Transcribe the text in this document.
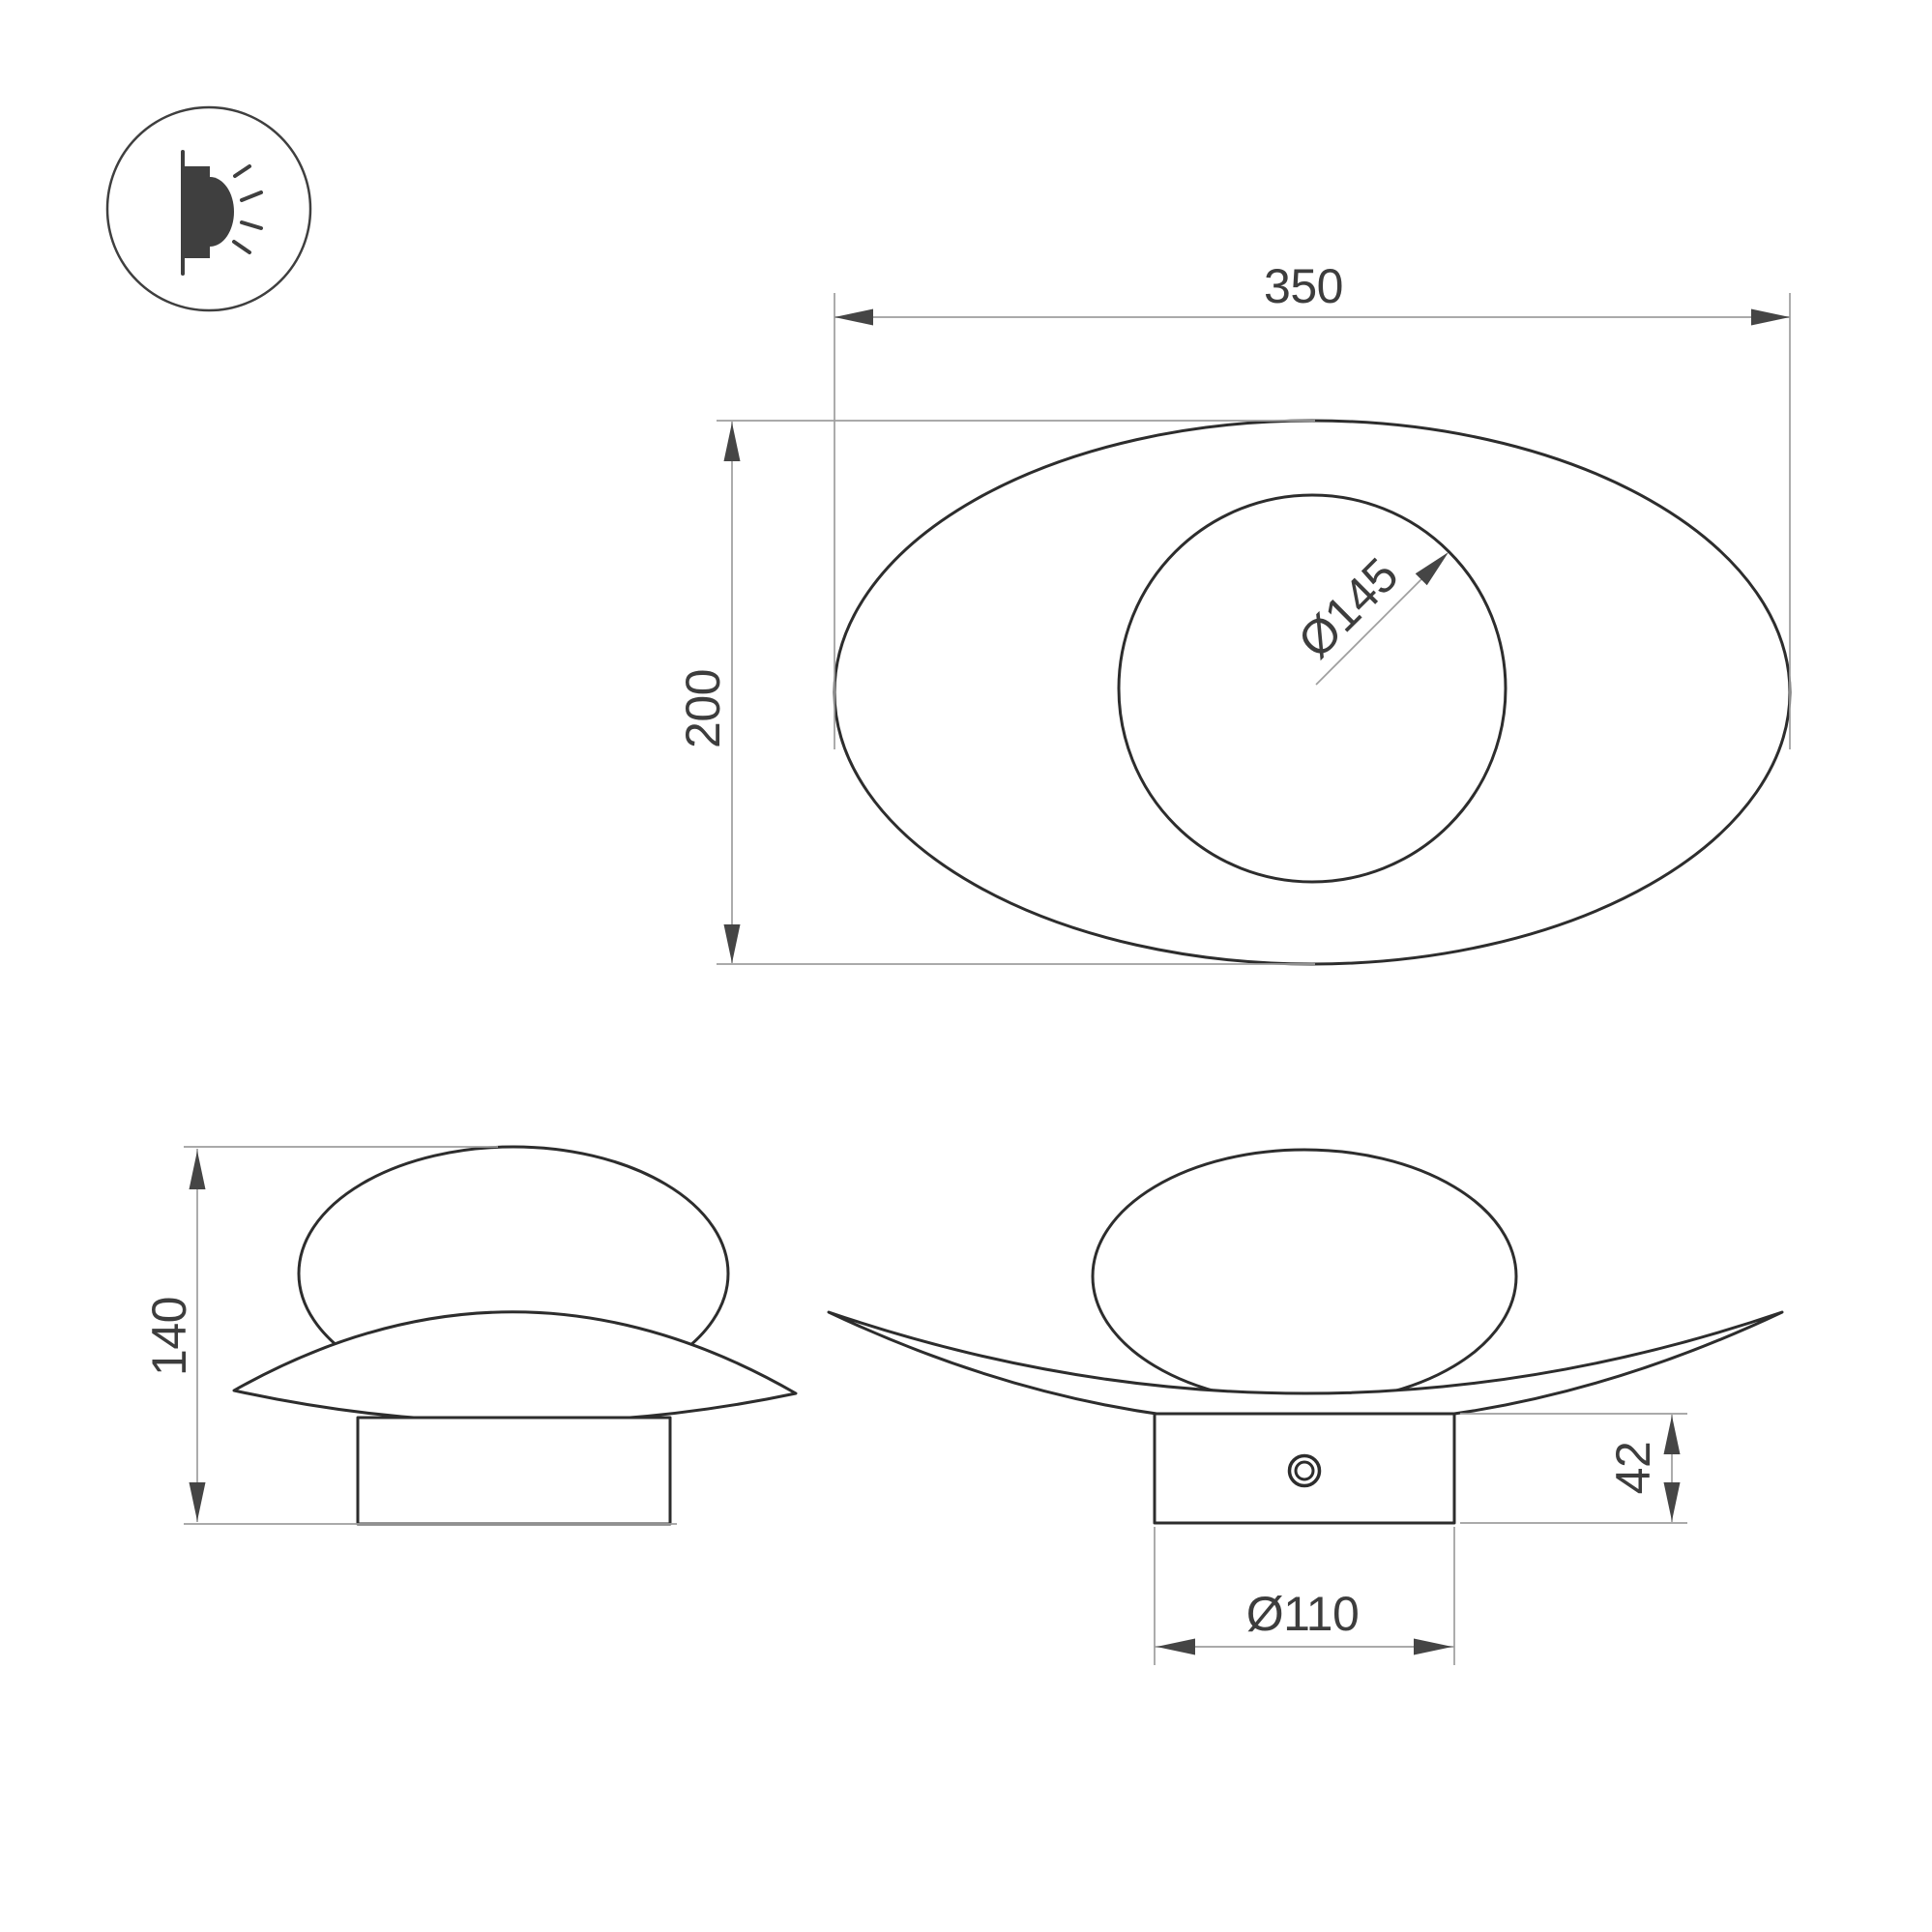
350
200
Ø145
140
42
Ø110
